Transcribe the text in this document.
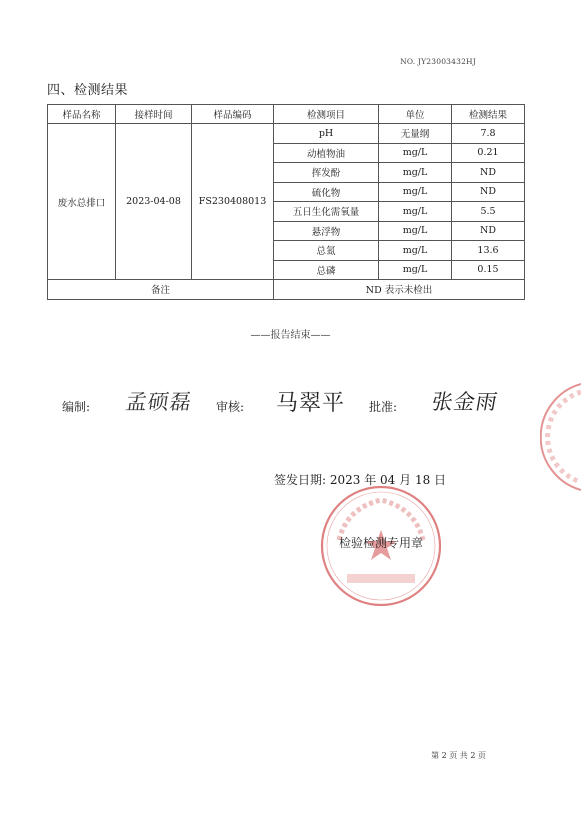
NO. JY23003432HJ
四、检测结果
样品名称	接样时间	样品编码	检测项目	单位	检测结果
废水总排口	2023-04-08	FS230408013	pH	无量纲	7.8
			动植物油	mg/L	0.21
			挥发酚	mg/L	ND
			硫化物	mg/L	ND
			五日生化需氧量	mg/L	5.5
			悬浮物	mg/L	ND
			总氮	mg/L	13.6
			总磷	mg/L	0.15
备注			ND 表示未检出		
——报告结束——
编制: 孟硕磊 审核: 马翠平 批准: 张金雨
签发日期: 2023 年 04 月 18 日
检验检测专用章
第 2 页 共 2 页
